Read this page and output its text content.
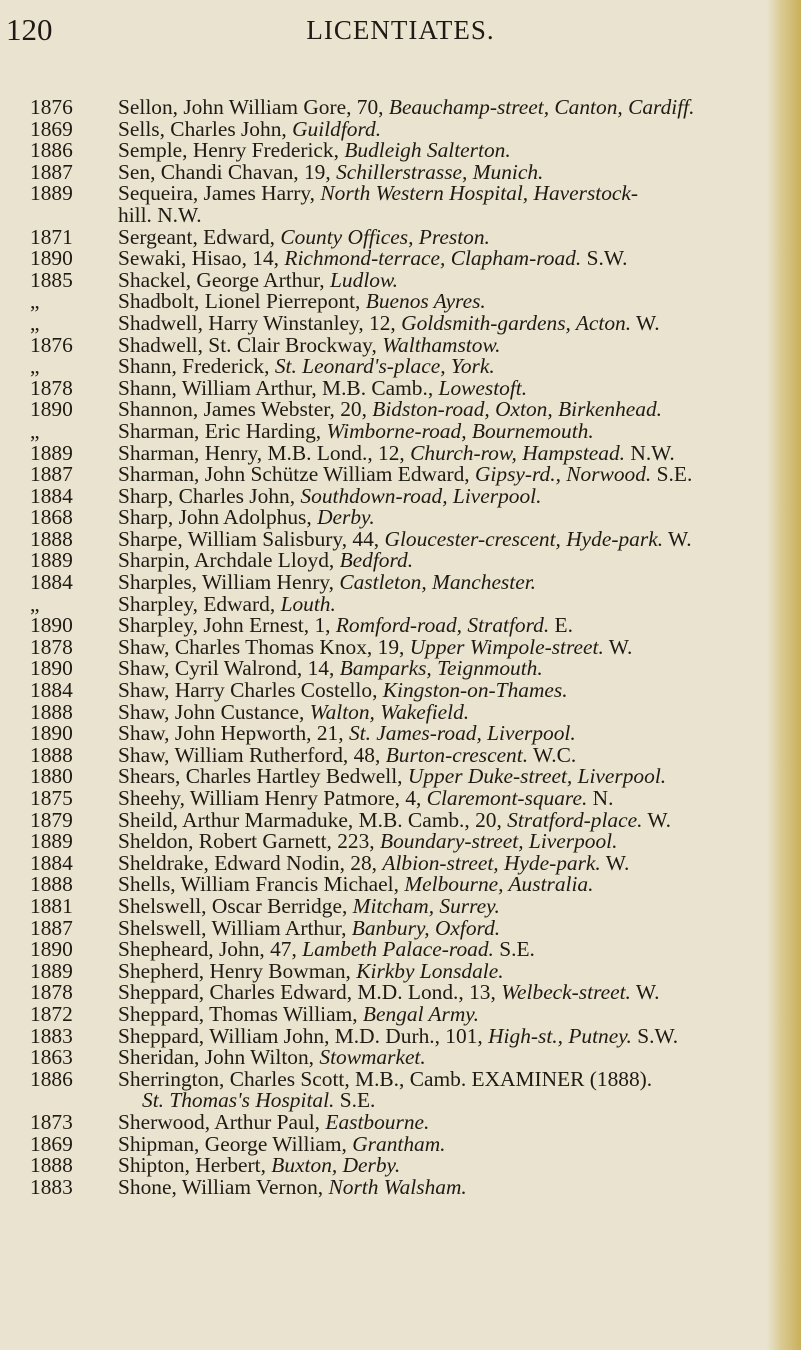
120	LICENTIATES.
1876	Sellon, John William Gore, 70, Beauchamp-street, Canton, Cardiff.
1869	Sells, Charles John, Guildford.
1886	Semple, Henry Frederick, Budleigh Salterton.
1887	Sen, Chandi Chavan, 19, Schillerstrasse, Munich.
1889	Sequeira, James Harry, North Western Hospital, Haverstock-
hill. N.W.
1871	Sergeant, Edward, County Offices, Preston.
1890	Sewaki, Hisao, 14, Richmond-terrace, Clapham-road. S.W.
1885	Shackel, George Arthur, Ludlow.
„	Shadbolt, Lionel Pierrepont, Buenos Ayres.
„	Shadwell, Harry Winstanley, 12, Goldsmith-gardens, Acton. W.
1876	Shadwell, St. Clair Brockway, Walthamstow.
„	Shann, Frederick, St. Leonard's-place, York.
1878	Shann, William Arthur, M.B. Camb., Lowestoft.
1890	Shannon, James Webster, 20, Bidston-road, Oxton, Birkenhead.
„	Sharman, Eric Harding, Wimborne-road, Bournemouth.
1889	Sharman, Henry, M.B. Lond., 12, Church-row, Hampstead. N.W.
1887	Sharman, John Schütze William Edward, Gipsy-rd., Norwood. S.E.
1884	Sharp, Charles John, Southdown-road, Liverpool.
1868	Sharp, John Adolphus, Derby.
1888	Sharpe, William Salisbury, 44, Gloucester-crescent, Hyde-park. W.
1889	Sharpin, Archdale Lloyd, Bedford.
1884	Sharples, William Henry, Castleton, Manchester.
„	Sharpley, Edward, Louth.
1890	Sharpley, John Ernest, 1, Romford-road, Stratford. E.
1878	Shaw, Charles Thomas Knox, 19, Upper Wimpole-street. W.
1890	Shaw, Cyril Walrond, 14, Bamparks, Teignmouth.
1884	Shaw, Harry Charles Costello, Kingston-on-Thames.
1888	Shaw, John Custance, Walton, Wakefield.
1890	Shaw, John Hepworth, 21, St. James-road, Liverpool.
1888	Shaw, William Rutherford, 48, Burton-crescent. W.C.
1880	Shears, Charles Hartley Bedwell, Upper Duke-street, Liverpool.
1875	Sheehy, William Henry Patmore, 4, Claremont-square. N.
1879	Sheild, Arthur Marmaduke, M.B. Camb., 20, Stratford-place. W.
1889	Sheldon, Robert Garnett, 223, Boundary-street, Liverpool.
1884	Sheldrake, Edward Nodin, 28, Albion-street, Hyde-park. W.
1888	Shells, William Francis Michael, Melbourne, Australia.
1881	Shelswell, Oscar Berridge, Mitcham, Surrey.
1887	Shelswell, William Arthur, Banbury, Oxford.
1890	Shepheard, John, 47, Lambeth Palace-road. S.E.
1889	Shepherd, Henry Bowman, Kirkby Lonsdale.
1878	Sheppard, Charles Edward, M.D. Lond., 13, Welbeck-street. W.
1872	Sheppard, Thomas William, Bengal Army.
1883	Sheppard, William John, M.D. Durh., 101, High-st., Putney. S.W.
1863	Sheridan, John Wilton, Stowmarket.
1886	Sherrington, Charles Scott, M.B., Camb. EXAMINER (1888).
St. Thomas's Hospital. S.E.
1873	Sherwood, Arthur Paul, Eastbourne.
1869	Shipman, George William, Grantham.
1888	Shipton, Herbert, Buxton, Derby.
1883	Shone, William Vernon, North Walsham.
